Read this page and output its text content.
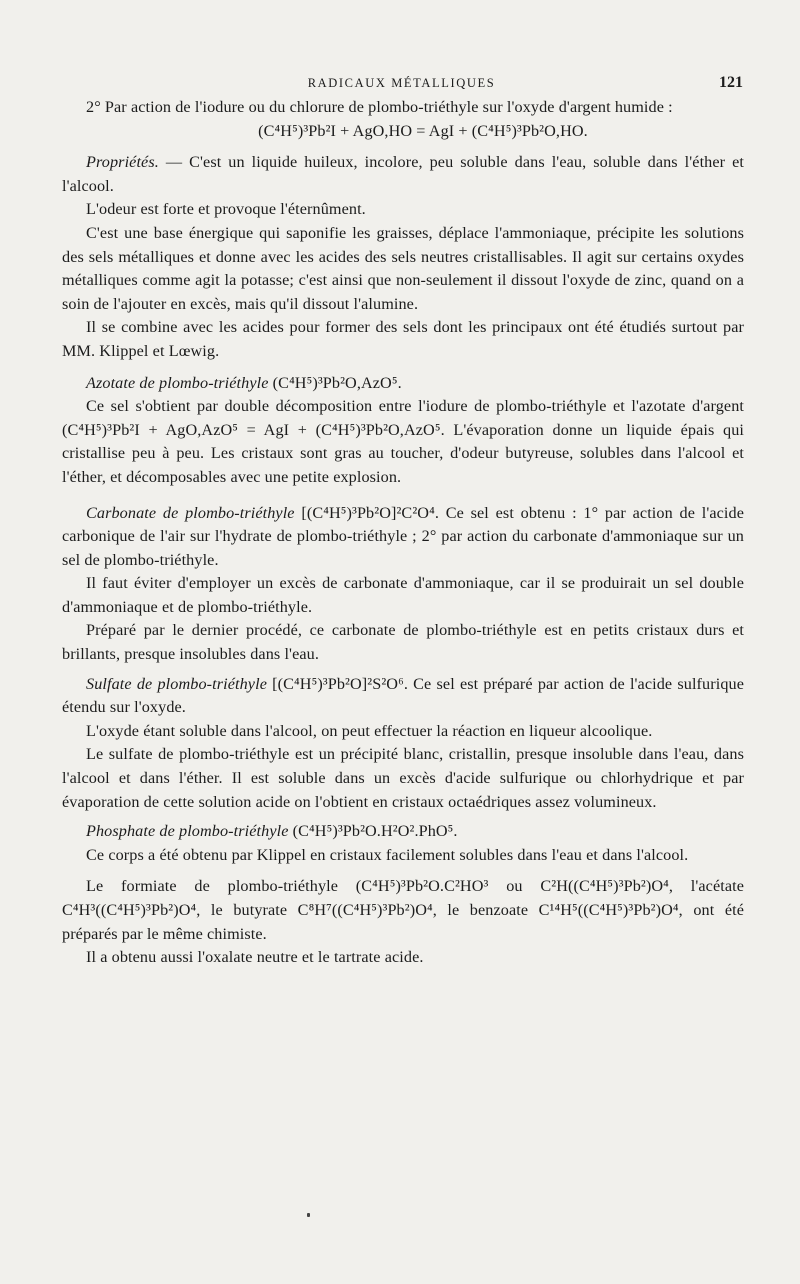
RADICAUX MÉTALLIQUES	121

2° Par action de l'iodure ou du chlorure de plombo-triéthyle sur l'oxyde d'argent humide :

(C⁴H⁵)³Pb²I + AgO,HO = AgI + (C⁴H⁵)³Pb²O,HO.

Propriétés. — C'est un liquide huileux, incolore, peu soluble dans l'eau, soluble dans l'éther et l'alcool.

L'odeur est forte et provoque l'éternûment.

C'est une base énergique qui saponifie les graisses, déplace l'ammoniaque, précipite les solutions des sels métalliques et donne avec les acides des sels neutres cristallisables. Il agit sur certains oxydes métalliques comme agit la potasse; c'est ainsi que non-seulement il dissout l'oxyde de zinc, quand on a soin de l'ajouter en excès, mais qu'il dissout l'alumine.

Il se combine avec les acides pour former des sels dont les principaux ont été étudiés surtout par MM. Klippel et Lœwig.

Azotate de plombo-triéthyle (C⁴H⁵)³Pb²O,AzO⁵.

Ce sel s'obtient par double décomposition entre l'iodure de plombo-triéthyle et l'azotate d'argent (C⁴H⁵)³Pb²I + AgO,AzO⁵ = AgI + (C⁴H⁵)³Pb²O,AzO⁵. L'évaporation donne un liquide épais qui cristallise peu à peu. Les cristaux sont gras au toucher, d'odeur butyreuse, solubles dans l'alcool et l'éther, et décomposables avec une petite explosion.

Carbonate de plombo-triéthyle [(C⁴H⁵)³Pb²O]²C²O⁴. Ce sel est obtenu : 1° par action de l'acide carbonique de l'air sur l'hydrate de plombo-triéthyle ; 2° par action du carbonate d'ammoniaque sur un sel de plombo-triéthyle.

Il faut éviter d'employer un excès de carbonate d'ammoniaque, car il se produirait un sel double d'ammoniaque et de plombo-triéthyle.

Préparé par le dernier procédé, ce carbonate de plombo-triéthyle est en petits cristaux durs et brillants, presque insolubles dans l'eau.

Sulfate de plombo-triéthyle [(C⁴H⁵)³Pb²O]²S²O⁶. Ce sel est préparé par action de l'acide sulfurique étendu sur l'oxyde.

L'oxyde étant soluble dans l'alcool, on peut effectuer la réaction en liqueur alcoolique.

Le sulfate de plombo-triéthyle est un précipité blanc, cristallin, presque insoluble dans l'eau, dans l'alcool et dans l'éther. Il est soluble dans un excès d'acide sulfurique ou chlorhydrique et par évaporation de cette solution acide on l'obtient en cristaux octaédriques assez volumineux.

Phosphate de plombo-triéthyle (C⁴H⁵)³Pb²O.H²O².PhO⁵.

Ce corps a été obtenu par Klippel en cristaux facilement solubles dans l'eau et dans l'alcool.

Le formiate de plombo-triéthyle (C⁴H⁵)³Pb²O.C²HO³ ou C²H((C⁴H⁵)³Pb²)O⁴, l'acétate C⁴H³((C⁴H⁵)³Pb²)O⁴, le butyrate C⁸H⁷((C⁴H⁵)³Pb²)O⁴, le benzoate C¹⁴H⁵((C⁴H⁵)³Pb²)O⁴, ont été préparés par le même chimiste.

Il a obtenu aussi l'oxalate neutre et le tartrate acide.
